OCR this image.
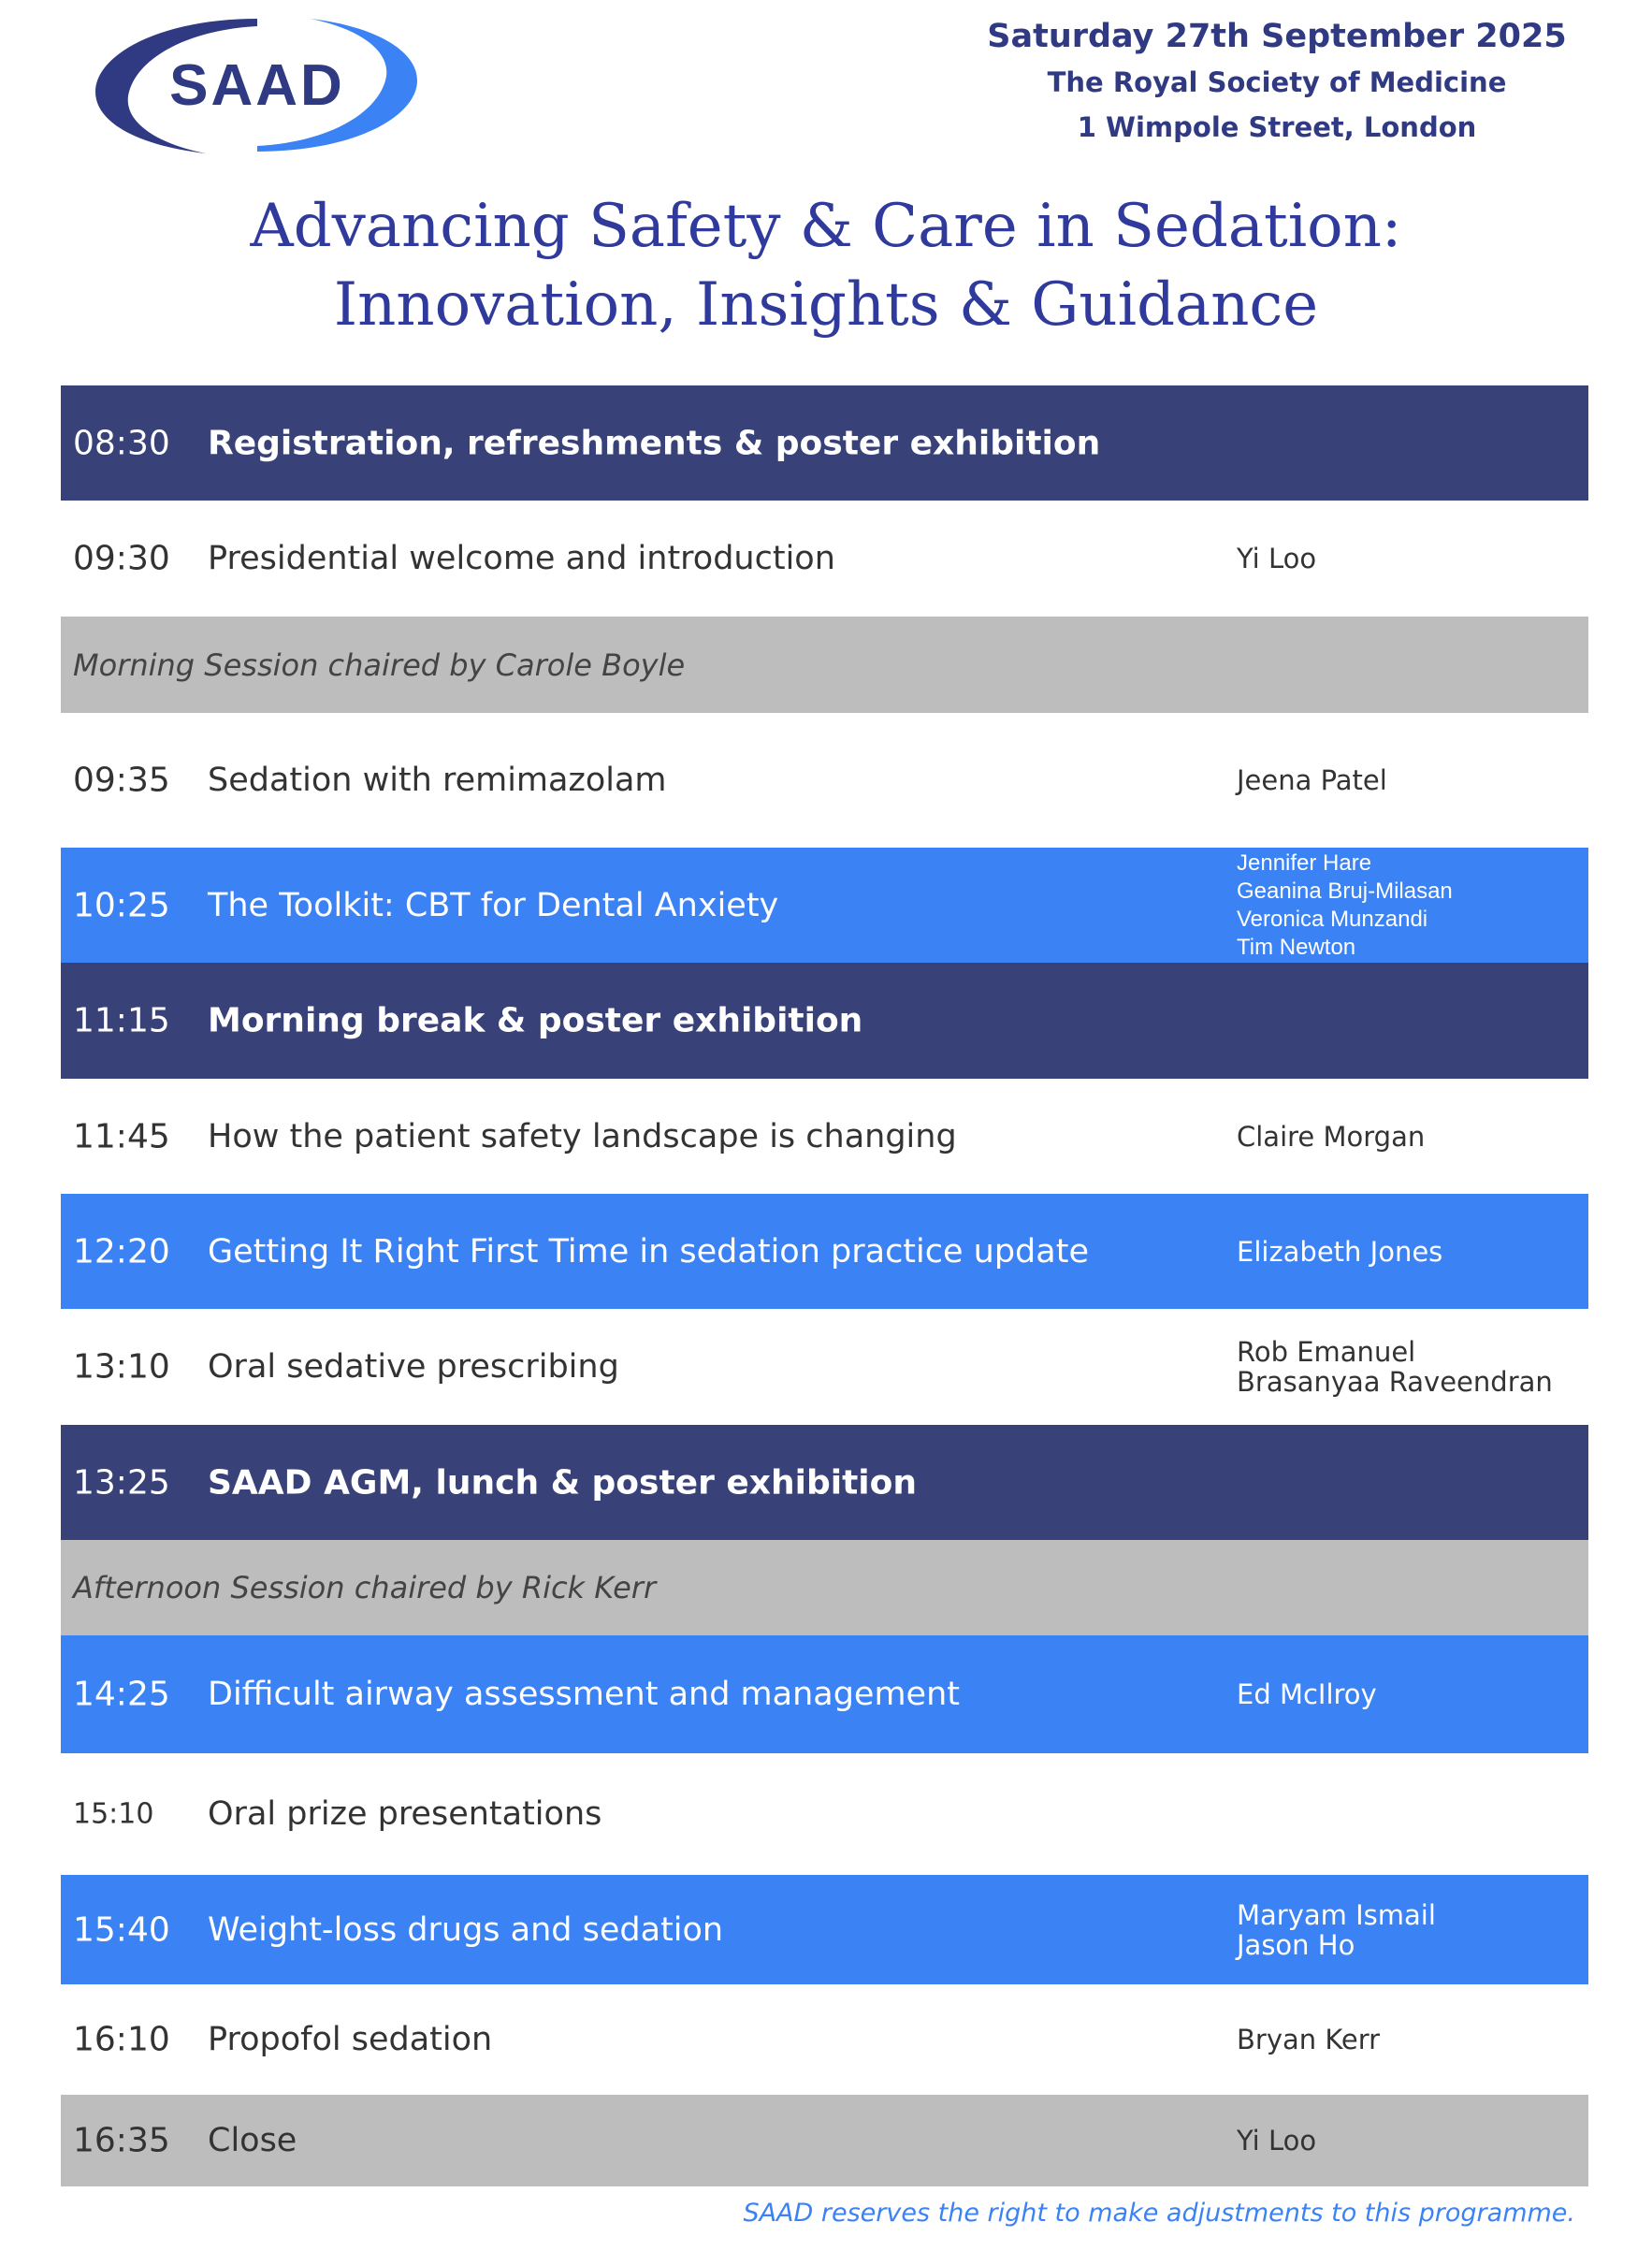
SAAD
Saturday 27th September 2025
The Royal Society of Medicine
1 Wimpole Street, London
Advancing Safety & Care in Sedation:
Innovation, Insights & Guidance
08:30 Registration, refreshments & poster exhibition
09:30 Presidential welcome and introduction	Yi Loo
Morning Session chaired by Carole Boyle
09:35 Sedation with remimazolam	Jeena Patel
10:25 The Toolkit: CBT for Dental Anxiety
Jennifer Hare
Geanina Bruj-Milasan
Veronica Munzandi
Tim Newton
11:15 Morning break & poster exhibition
11:45 How the patient safety landscape is changing	Claire Morgan
12:20 Getting It Right First Time in sedation practice update	Elizabeth Jones
13:10 Oral sedative prescribing	Rob Emanuel
Brasanyaa Raveendran
13:25 SAAD AGM, lunch & poster exhibition
Afternoon Session chaired by Rick Kerr
14:25 Difficult airway assessment and management	Ed McIlroy
15:10 Oral prize presentations
15:40 Weight-loss drugs and sedation	Maryam Ismail
Jason Ho
16:10 Propofol sedation	Bryan Kerr
16:35 Close	Yi Loo
SAAD reserves the right to make adjustments to this programme.
